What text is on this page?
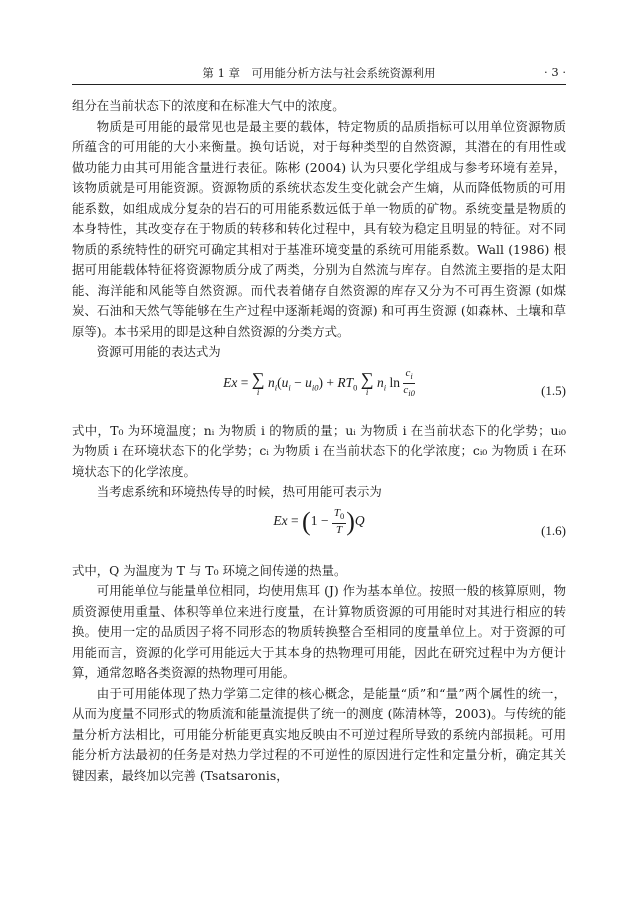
第 1 章　可用能分析方法与社会系统资源利用	· 3 ·

组分在当前状态下的浓度和在标准大气中的浓度。

物质是可用能的最常见也是最主要的载体，特定物质的品质指标可以用单位资源物质所蕴含的可用能的大小来衡量。换句话说，对于每种类型的自然资源，其潜在的有用性或做功能力由其可用能含量进行表征。陈彬 (2004) 认为只要化学组成与参考环境有差异，该物质就是可用能资源。资源物质的系统状态发生变化就会产生熵，从而降低物质的可用能系数，如组成成分复杂的岩石的可用能系数远低于单一物质的矿物。系统变量是物质的本身特性，其改变存在于物质的转移和转化过程中，具有较为稳定且明显的特征。对不同物质的系统特性的研究可确定其相对于基准环境变量的系统可用能系数。Wall (1986) 根据可用能载体特征将资源物质分成了两类，分别为自然流与库存。自然流主要指的是太阳能、海洋能和风能等自然资源。而代表着储存自然资源的库存又分为不可再生资源 (如煤炭、石油和天然气等能够在生产过程中逐渐耗竭的资源) 和可再生资源 (如森林、土壤和草原等)。本书采用的即是这种自然资源的分类方式。

资源可用能的表达式为

Ex = ∑
i
$n_i(u_i - u_{i0}) + RT_0$ ∑
i
$n_i$ $\ln \frac{c_i}{c_{i0}}$	(1.5)

式中，T₀ 为环境温度；nᵢ 为物质 i 的物质的量；uᵢ 为物质 i 在当前状态下的化学势；uᵢ₀ 为物质 i 在环境状态下的化学势；cᵢ 为物质 i 在当前状态下的化学浓度；cᵢ₀ 为物质 i 在环境状态下的化学浓度。

当考虑系统和环境热传导的时候，热可用能可表示为

$Ex = (1 - \frac{T_0}{T} )Q$
(1.6)

式中，Q 为温度为 T 与 T₀ 环境之间传递的热量。

可用能单位与能量单位相同，均使用焦耳 (J) 作为基本单位。按照一般的核算原则，物质资源使用重量、体积等单位来进行度量，在计算物质资源的可用能时对其进行相应的转换。使用一定的品质因子将不同形态的物质转换整合至相同的度量单位上。对于资源的可用能而言，资源的化学可用能远大于其本身的热物理可用能，因此在研究过程中为方便计算，通常忽略各类资源的热物理可用能。

由于可用能体现了热力学第二定律的核心概念，是能量“质”和“量”两个属性的统一，从而为度量不同形式的物质流和能量流提供了统一的测度 (陈清林等，2003)。与传统的能量分析方法相比，可用能分析能更真实地反映由不可逆过程所导致的系统内部损耗。可用能分析方法最初的任务是对热力学过程的不可逆性的原因进行定性和定量分析，确定其关键因素，最终加以完善 (Tsatsaronis，
